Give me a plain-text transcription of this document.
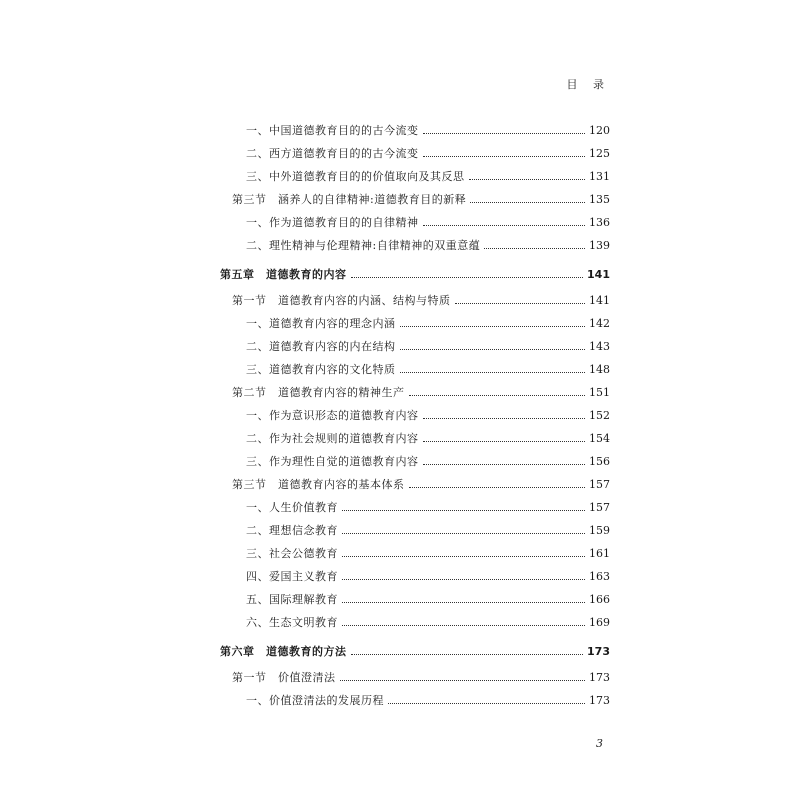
目 录
一、中国道德教育目的的古今流变	120
二、西方道德教育目的的古今流变	125
三、中外道德教育目的的价值取向及其反思	131
第三节　涵养人的自律精神:道德教育目的新释	135
一、作为道德教育目的的自律精神	136
二、理性精神与伦理精神:自律精神的双重意蕴	139
第五章　道德教育的内容	141
第一节　道德教育内容的内涵、结构与特质	141
一、道德教育内容的理念内涵	142
二、道德教育内容的内在结构	143
三、道德教育内容的文化特质	148
第二节　道德教育内容的精神生产	151
一、作为意识形态的道德教育内容	152
二、作为社会规则的道德教育内容	154
三、作为理性自觉的道德教育内容	156
第三节　道德教育内容的基本体系	157
一、人生价值教育	157
二、理想信念教育	159
三、社会公德教育	161
四、爱国主义教育	163
五、国际理解教育	166
六、生态文明教育	169
第六章　道德教育的方法	173
第一节　价值澄清法	173
一、价值澄清法的发展历程	173
3
